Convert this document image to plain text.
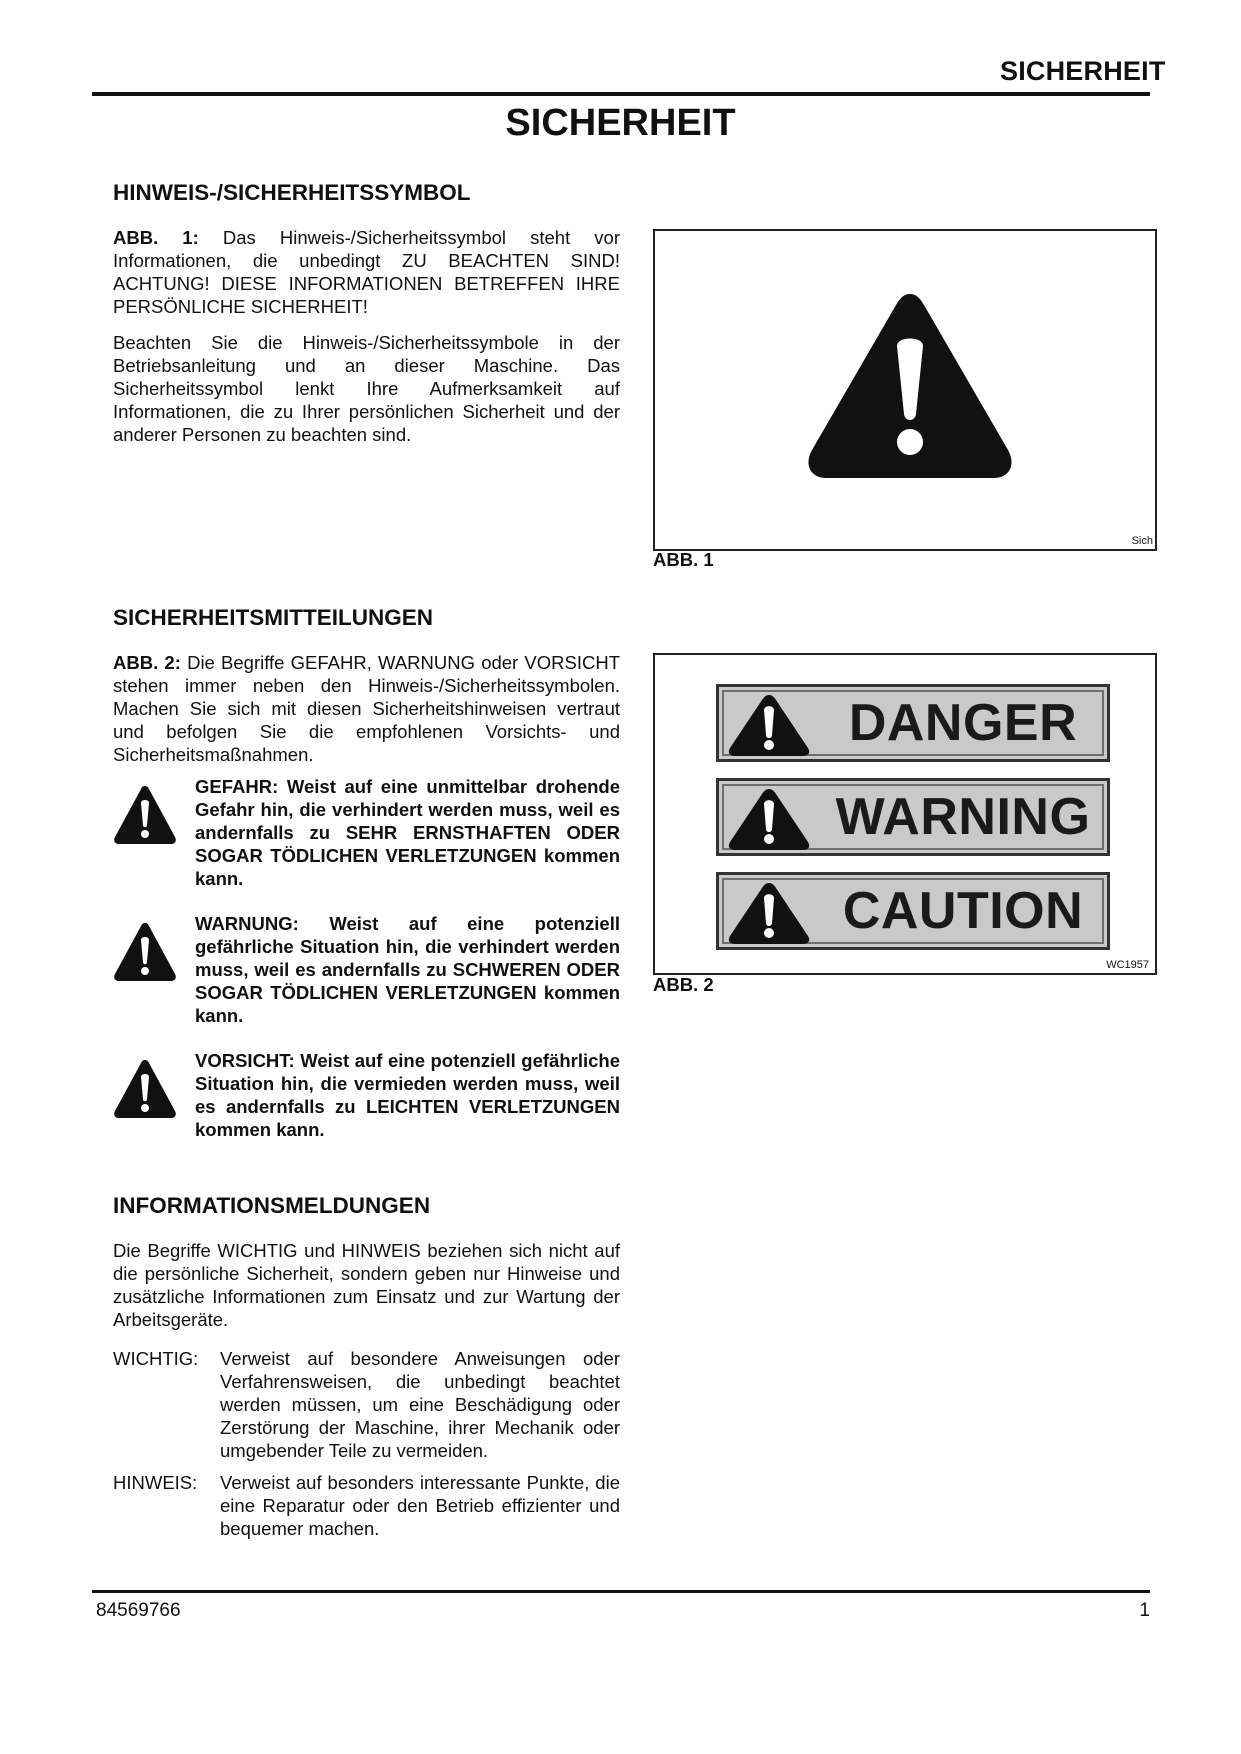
SICHERHEIT
SICHERHEIT
HINWEIS-/SICHERHEITSSYMBOL

ABB. 1: Das Hinweis-/Sicherheitssymbol steht vor Informationen, die unbedingt ZU BEACHTEN SIND! ACHTUNG! DIESE INFORMATIONEN BETREFFEN IHRE PERSÖNLICHE SICHERHEIT!

Beachten Sie die Hinweis-/Sicherheitssymbole in der Betriebsanleitung und an dieser Maschine. Das Sicherheitssymbol lenkt Ihre Aufmerksamkeit auf Informationen, die zu Ihrer persönlichen Sicherheit und der anderer Personen zu beachten sind.

Sich
ABB. 1
SICHERHEITSMITTEILUNGEN

ABB. 2: Die Begriffe GEFAHR, WARNUNG oder VORSICHT stehen immer neben den Hinweis-/Sicherheitssymbolen. Machen Sie sich mit diesen Sicherheitshinweisen vertraut und befolgen Sie die empfohlenen Vorsichts- und Sicherheitsmaßnahmen.

GEFAHR: Weist auf eine unmittelbar drohende Gefahr hin, die verhindert werden muss, weil es andernfalls zu SEHR ERNSTHAFTEN ODER SOGAR TÖDLICHEN VERLETZUNGEN kommen kann.
WARNUNG: Weist auf eine potenziell gefährliche Situation hin, die verhindert werden muss, weil es andernfalls zu SCHWEREN ODER SOGAR TÖDLICHEN VERLETZUNGEN kommen kann.
VORSICHT: Weist auf eine potenziell gefährliche Situation hin, die vermieden werden muss, weil es andernfalls zu LEICHTEN VERLETZUNGEN kommen kann.
DANGER
WARNING
CAUTION
WC1957
ABB. 2
INFORMATIONSMELDUNGEN

Die Begriffe WICHTIG und HINWEIS beziehen sich nicht auf die persönliche Sicherheit, sondern geben nur Hinweise und zusätzliche Informationen zum Einsatz und zur Wartung der Arbeitsgeräte.

WICHTIG: Verweist auf besondere Anweisungen oder Verfahrensweisen, die unbedingt beachtet werden müssen, um eine Beschädigung oder Zerstörung der Maschine, ihrer Mechanik oder umgebender Teile zu vermeiden.
HINWEIS: Verweist auf besonders interessante Punkte, die eine Reparatur oder den Betrieb effizienter und bequemer machen.
84569766	1
